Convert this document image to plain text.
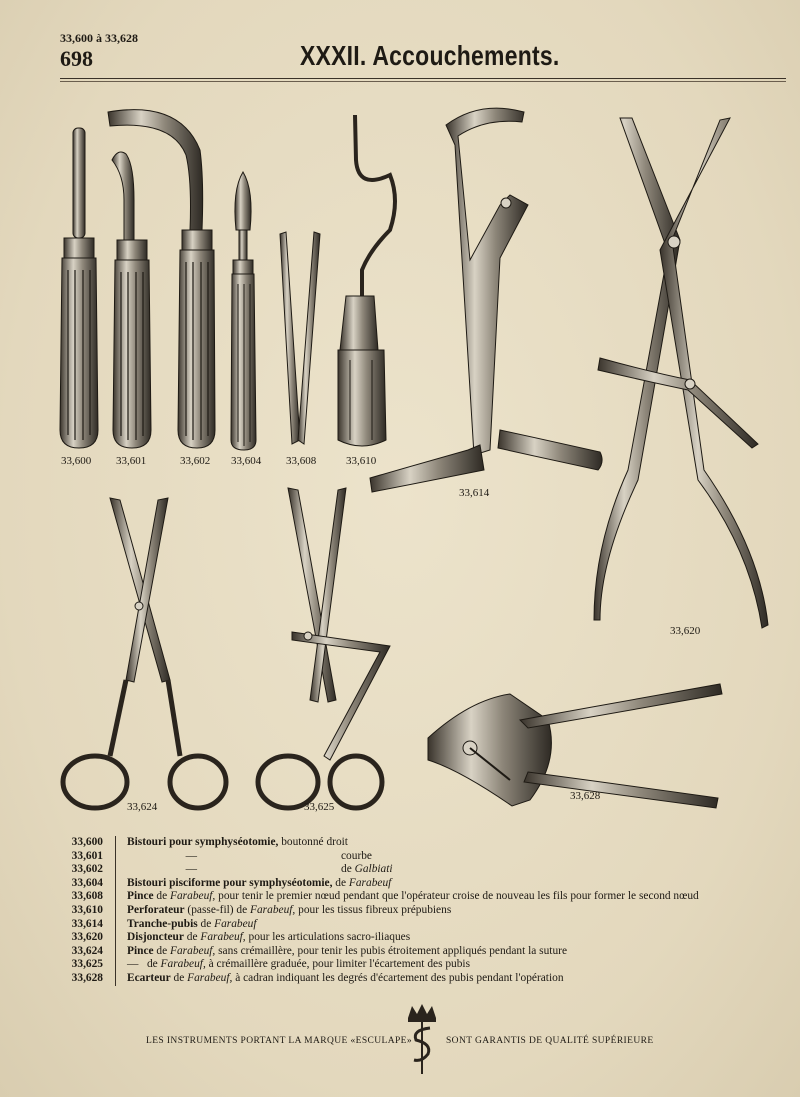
33,600 à 33,628
698	XXXII. Accouchements.
33,600 33,601	33,602 33,604 33,608	33,610
33,614
33,620
33,624	33,625
33,628
33,600	Bistouri pour symphyséotomie, boutonné droit
33,601	— courbe
33,602	— de Galbiati
33,604	Bistouri pisciforme pour symphyséotomie, de Farabeuf
33,608	Pince de Farabeuf, pour tenir le premier nœud pendant que l'opérateur croise de nouveau les fils pour former le second nœud
33,610	Perforateur (passe-fil) de Farabeuf, pour les tissus fibreux prépubiens
33,614	Tranche-pubis de Farabeuf
33,620	Disjoncteur de Farabeuf, pour les articulations sacro-iliaques
33,624	Pince de Farabeuf, sans crémaillère, pour tenir les pubis étroitement appliqués pendant la suture
33,625	— de Farabeuf, à crémaillère graduée, pour limiter l'écartement des pubis
33,628	Ecarteur de Farabeuf, à cadran indiquant les degrés d'écartement des pubis pendant l'opération
LES INSTRUMENTS PORTANT LA MARQUE «ESCULAPE»	SONT GARANTIS DE QUALITÉ SUPÉRIEURE
